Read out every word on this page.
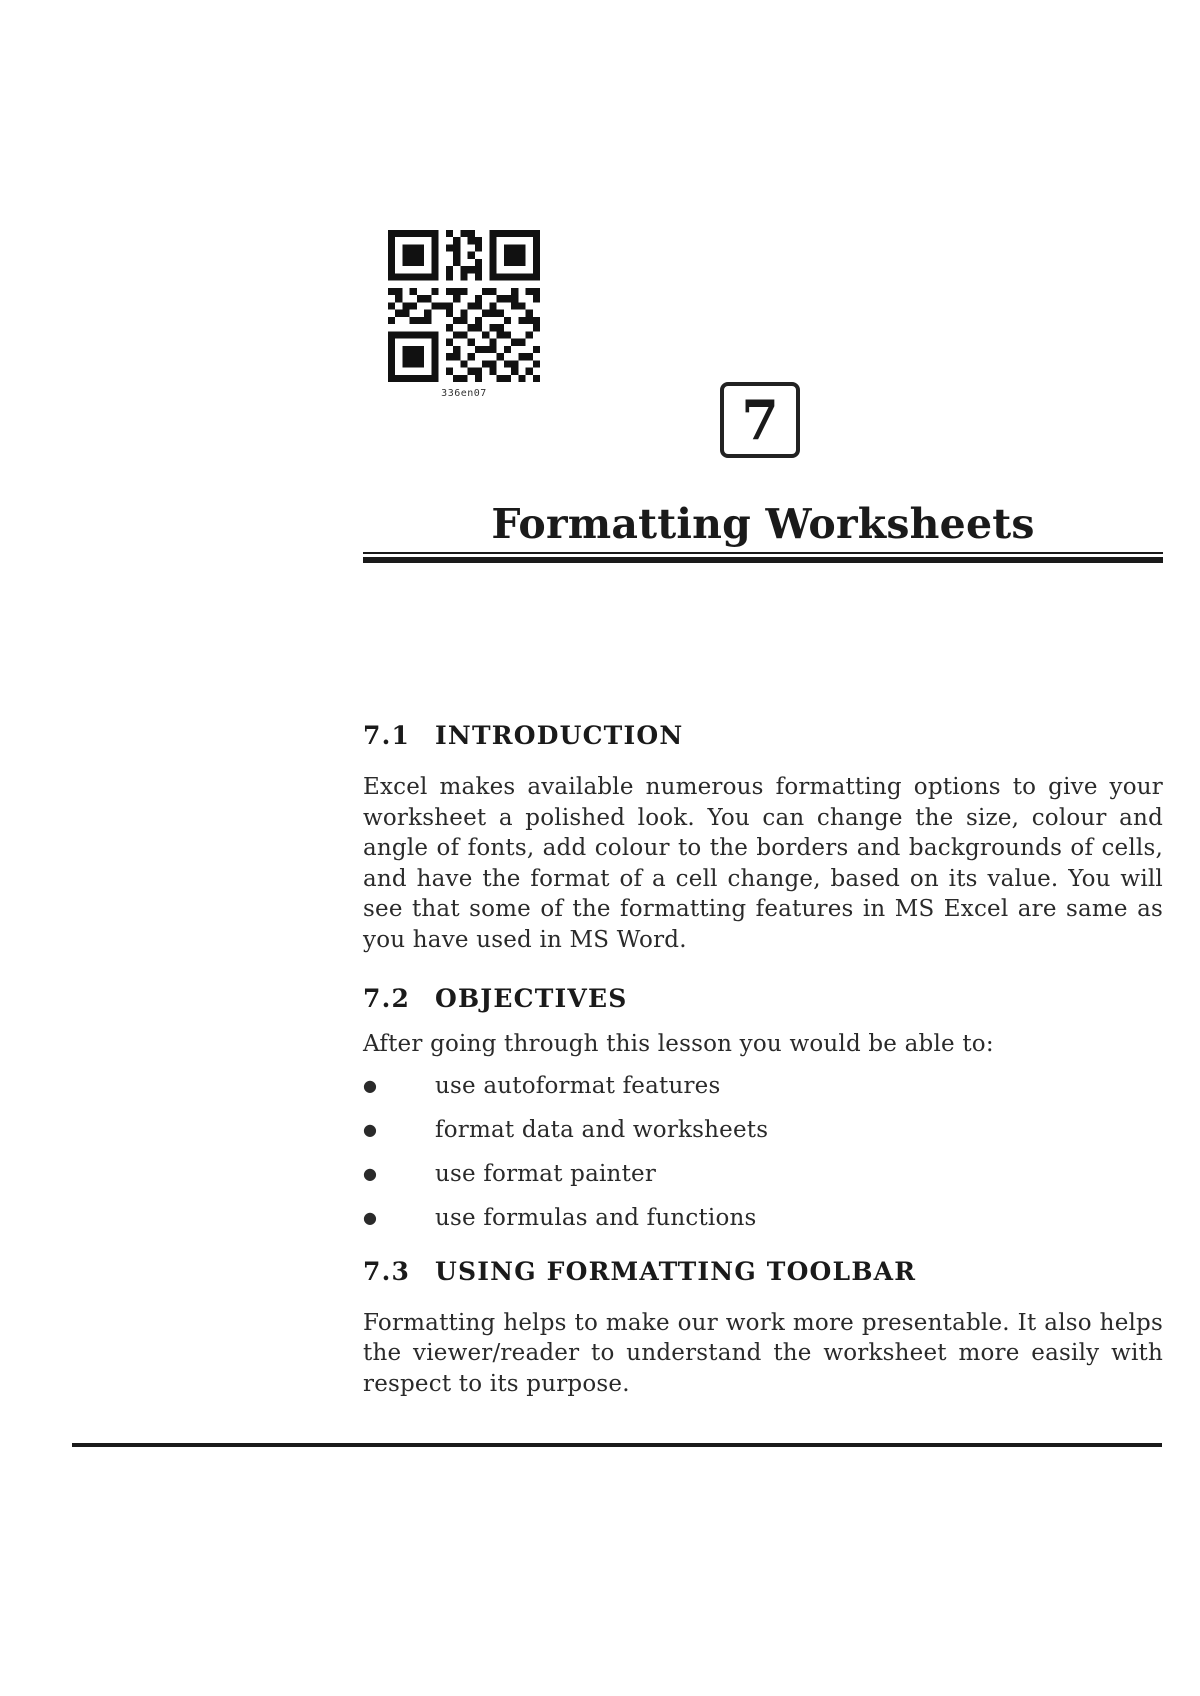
336en07	7
Formatting Worksheets
7.1 INTRODUCTION

Excel makes available numerous formatting options to give your worksheet a polished look. You can change the size, colour and angle of fonts, add colour to the borders and backgrounds of cells, and have the format of a cell change, based on its value. You will see that some of the formatting features in MS Excel are same as you have used in MS Word.

7.2 OBJECTIVES

After going through this lesson you would be able to:

●	use autoformat features
●	format data and worksheets
●	use format painter
●	use formulas and functions
7.3 USING FORMATTING TOOLBAR

Formatting helps to make our work more presentable. It also helps the viewer/reader to understand the worksheet more easily with respect to its purpose.
